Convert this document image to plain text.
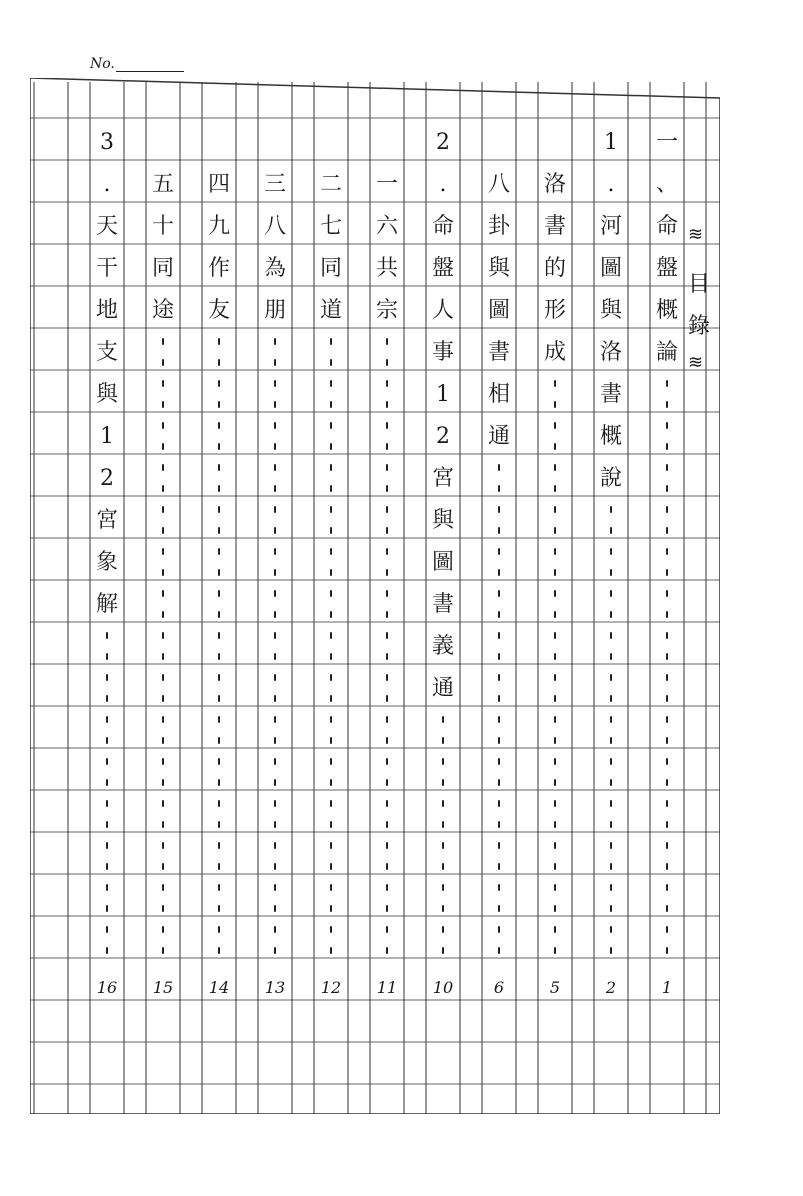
No.
≋
目
錄
≋
一
、
命
盤
概
論
1
1
.
河
圖
與
洛
書
概
說
2
洛
書
的
形
成
5
八
卦
與
圖
書
相
通
6
2
.
命
盤
人
事
1
2
宮
與
圖
書
義
通
10
一
六
共
宗
11
二
七
同
道
12
三
八
為
朋
13
四
九
作
友
14
五
十
同
途
15
3
.
天
干
地
支
與
1
2
宮
象
解
16
